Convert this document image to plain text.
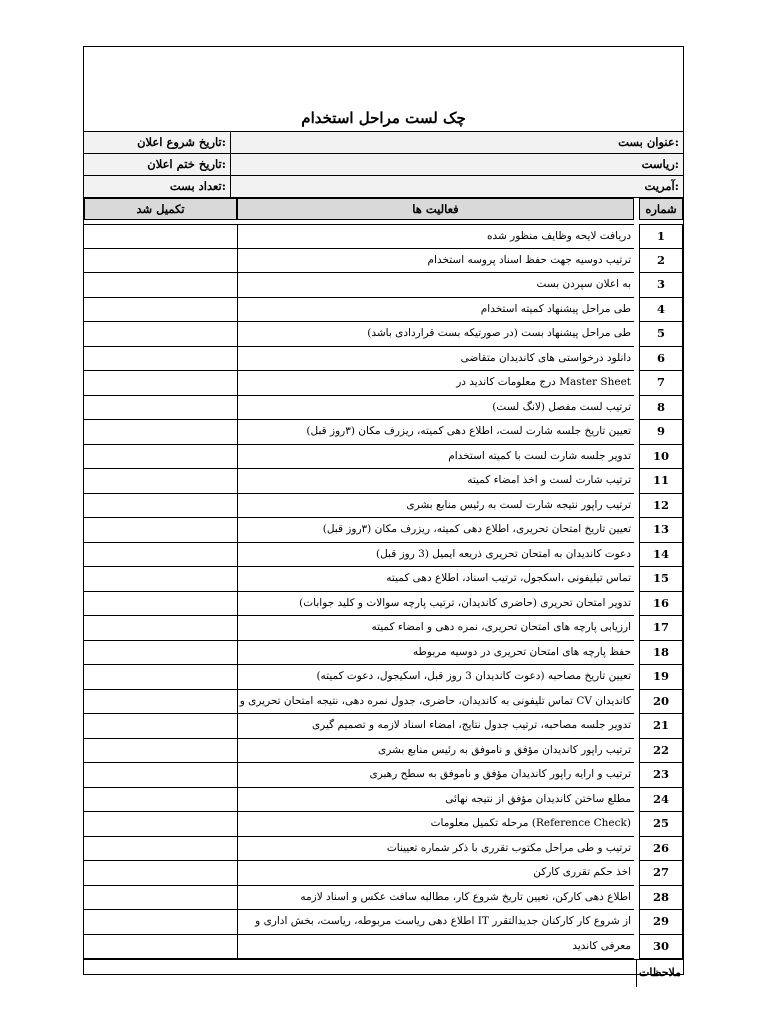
چک لست مراحل استخدام
:عنوان بست
:تاریخ شروع اعلان
:ریاست
:تاریخ ختم اعلان
:آمریت
:تعداد بست
شماره
فعالیت ها
تکمیل شد
1
دریافت لایحه وظایف منظور شده
2
ترتیب دوسیه جهت حفظ اسناد پروسه استخدام
3
به اعلان سپردن بست
4
طی مراحل پیشنهاد کمیته استخدام
5
طی مراحل پیشنهاد بست (در صورتیکه بست قراردادی باشد)
6
دانلود درخواستی های کاندیدان متقاضی
7
Master Sheet درج معلومات کاندید در
8
ترتیب لست مفصل (لانگ لست)
9
تعیین تاریخ جلسه شارت لست، اطلاع دهی کمیته، ریزرف مکان (۳روز قبل)
10
تدویر جلسه شارت لست با کمیته استخدام
11
ترتیب شارت لست و اخذ امضاء کمیته
12
ترتیب راپور نتیجه شارت لست به رئیس منابع بشری
13
تعیین تاریخ امتحان تحریری، اطلاع دهی کمیته، ریزرف مکان (۳روز قبل)
14
دعوت کاندیدان به امتحان تحریری ذریعه ایمیل (3 روز قبل)
15
تماس تیلیفونی ،اسکجول، ترتیب اسناد، اطلاع دهی کمیته
16
تدویر امتحان تحریری (حاضری کاندیدان، ترتیب پارچه سوالات و کلید جوابات)
17
ارزیابی پارچه های امتحان تحریری، نمره دهی و امضاء کمیته
18
حفظ پارچه های امتحان تحریری در دوسیه مربوطه
19
تعیین تاریخ مصاحبه (دعوت کاندیدان 3 روز قبل، اسکیجول، دعوت کمیته)
20
کاندیدان CV تماس تلیفونی به کاندیدان، حاضری، جدول نمره دهی، نتیجه امتحان تحریری و
21
تدویر جلسه مصاحبه، ترتیب جدول نتایج، امضاء اسناد لازمه و تصمیم گیری
22
ترتیب راپور کاندیدان مؤفق و ناموفق به رئیس منابع بشری
23
ترتیب و ارایه راپور کاندیدان مؤفق و ناموفق به سطح رهبری
24
مطلع ساختن کاندیدان مؤفق از نتیجه نهائی
25
(Reference Check) مرحله تکمیل معلومات
26
ترتیب و طی مراحل مکتوب تقرری با ذکر شماره تعیینات
27
اخذ حکم تقرری کارکن
28
اطلاع دهی کارکن، تعیین تاریخ شروع کار، مطالبه سافت عکس و اسناد لازمه
29
از شروع کار کارکنان جدیدالتقرر IT اطلاع دهی ریاست مربوطه، ریاست، بخش اداری و
30
معرفی کاندید
ملاحظات
